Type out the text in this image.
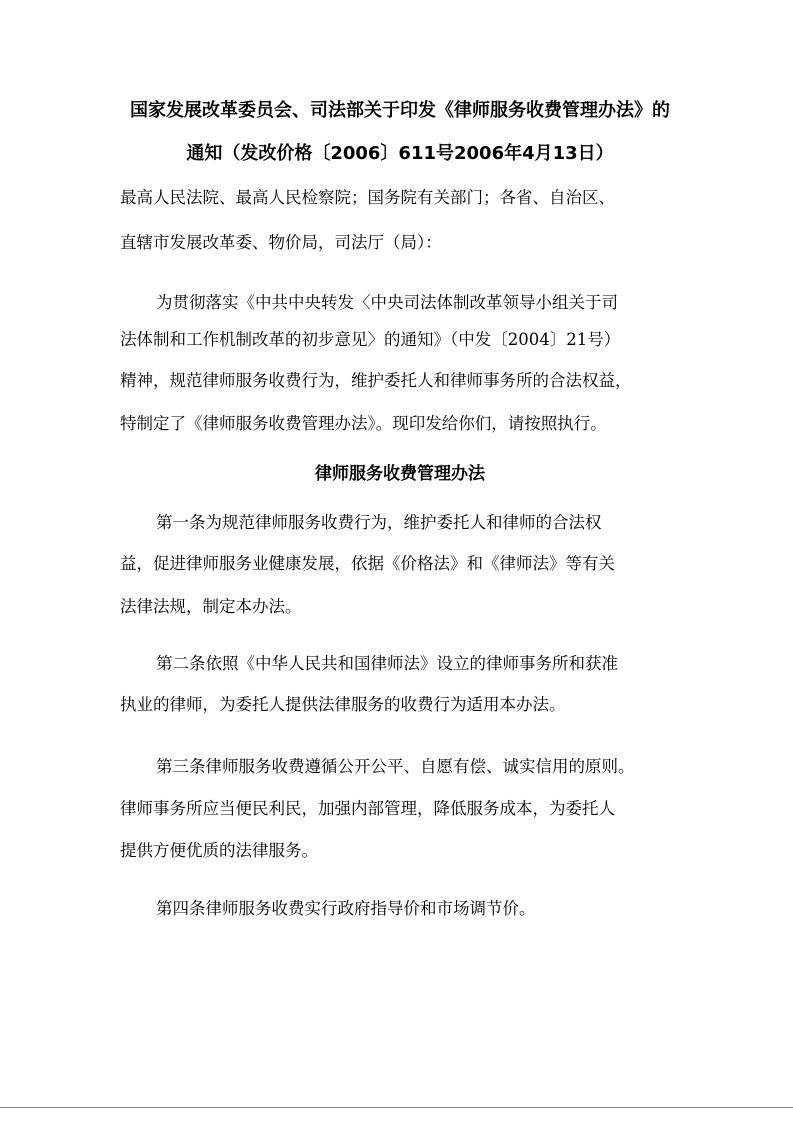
国家发展改革委员会、司法部关于印发《律师服务收费管理办法》的
通知（发改价格〔2006〕611号2006年4月13日）
最高人民法院、最高人民检察院；国务院有关部门；各省、自治区、
直辖市发展改革委、物价局，司法厅（局）：
为贯彻落实《中共中央转发〈中央司法体制改革领导小组关于司
法体制和工作机制改革的初步意见〉的通知》（中发〔2004〕21号）
精神，规范律师服务收费行为，维护委托人和律师事务所的合法权益，
特制定了《律师服务收费管理办法》。现印发给你们，请按照执行。
律师服务收费管理办法
第一条为规范律师服务收费行为，维护委托人和律师的合法权
益，促进律师服务业健康发展，依据《价格法》和《律师法》等有关
法律法规，制定本办法。
第二条依照《中华人民共和国律师法》设立的律师事务所和获准
执业的律师，为委托人提供法律服务的收费行为适用本办法。
第三条律师服务收费遵循公开公平、自愿有偿、诚实信用的原则。
律师事务所应当便民利民，加强内部管理，降低服务成本，为委托人
提供方便优质的法律服务。
第四条律师服务收费实行政府指导价和市场调节价。
